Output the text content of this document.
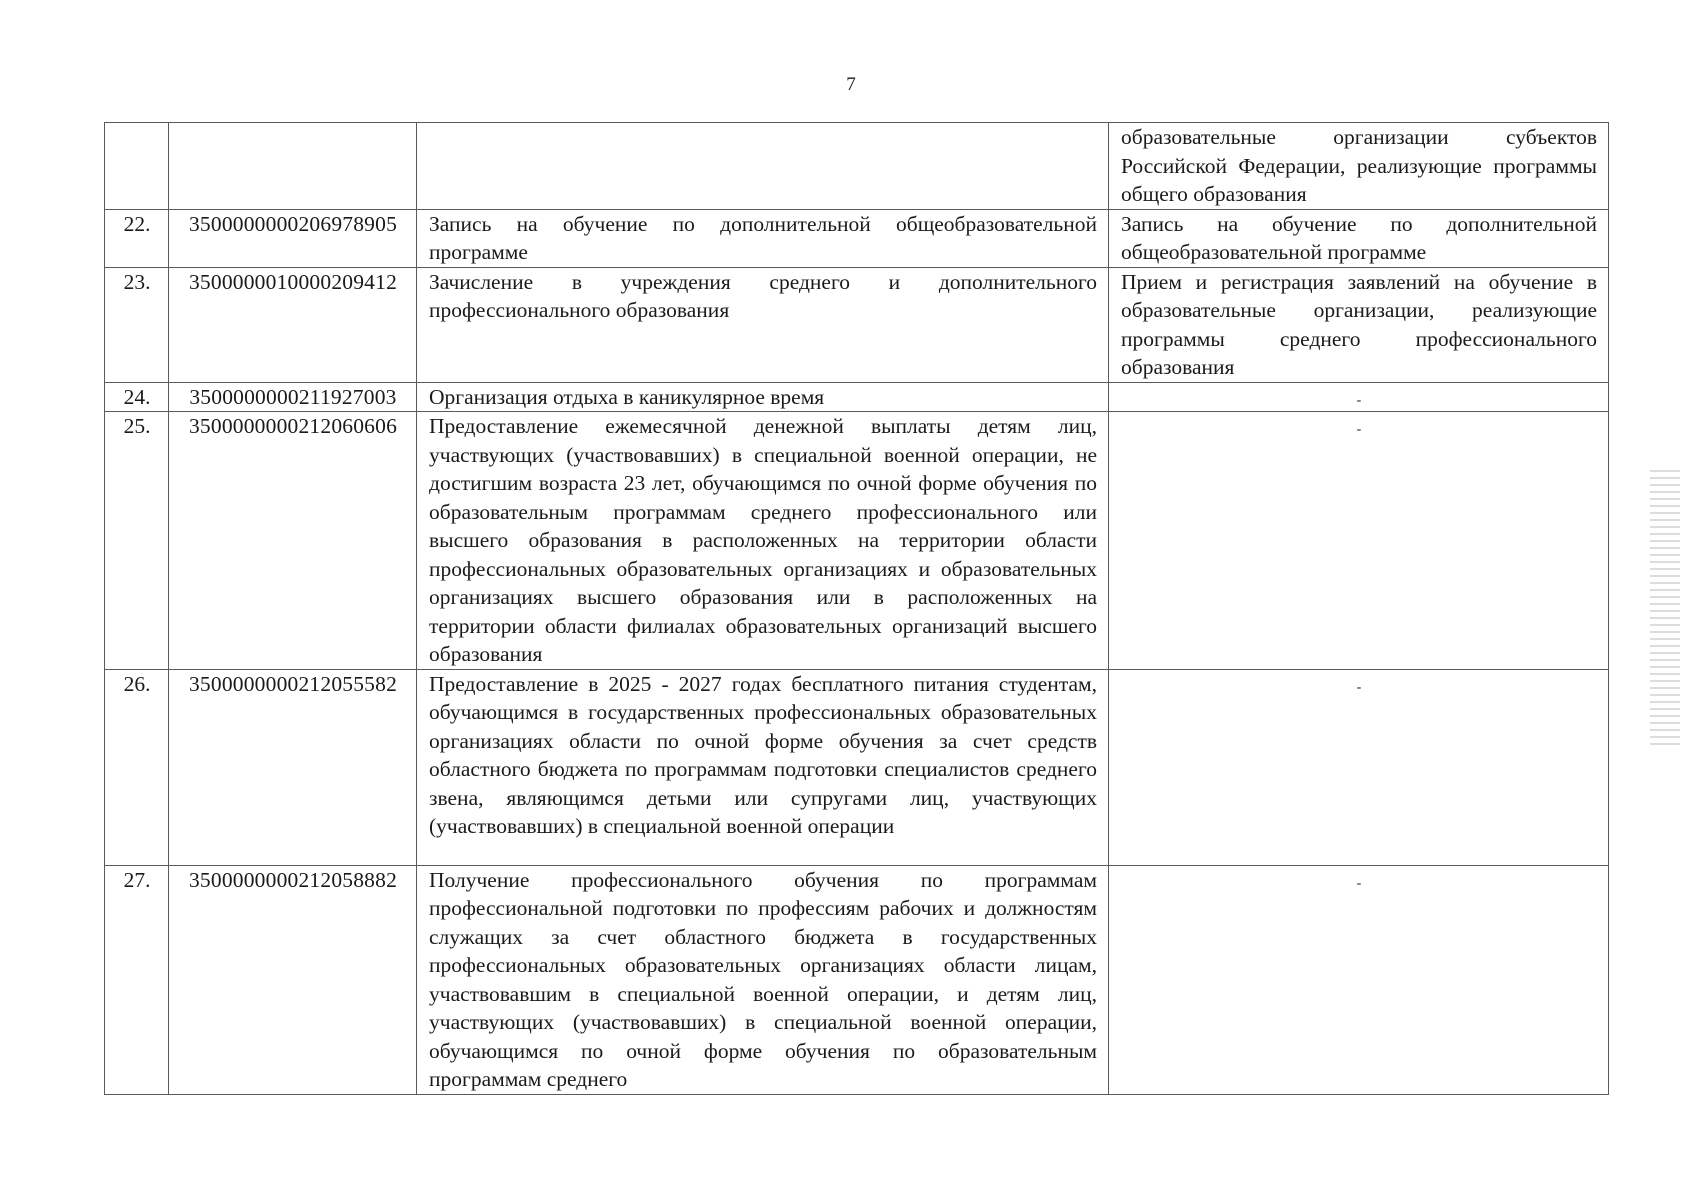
7
			образовательные организации субъектов Российской Федерации, реализующие программы общего образования
22.	3500000000206978905	Запись на обучение по дополнительной общеобразовательной программе	Запись на обучение по дополнительной общеобразовательной программе
23.	3500000010000209412	Зачисление в учреждения среднего и дополнительного профессионального образования	Прием и регистрация заявлений на обучение в образовательные организации, реализующие программы среднего профессионального образования
24.	3500000000211927003	Организация отдыха в каникулярное время	-
25.	3500000000212060606	Предоставление ежемесячной денежной выплаты детям лиц, участвующих (участвовавших) в специальной военной операции, не достигшим возраста 23 лет, обучающимся по очной форме обучения по образовательным программам среднего профессионального или высшего образования в расположенных на территории области профессиональных образовательных организациях и образовательных организациях высшего образования или в расположенных на территории области филиалах образовательных организаций высшего образования	-
26.	3500000000212055582	Предоставление в 2025 - 2027 годах бесплатного питания студентам, обучающимся в государственных профессиональных образовательных организациях области по очной форме обучения за счет средств областного бюджета по программам подготовки специалистов среднего звена, являющимся детьми или супругами лиц, участвующих (участвовавших) в специальной военной операции	-
27.	3500000000212058882	Получение профессионального обучения по программам профессиональной подготовки по профессиям рабочих и должностям служащих за счет областного бюджета в государственных профессиональных образовательных организациях области лицам, участвовавшим в специальной военной операции, и детям лиц, участвующих (участвовавших) в специальной военной операции, обучающимся по очной форме обучения по образовательным программам среднего	-
